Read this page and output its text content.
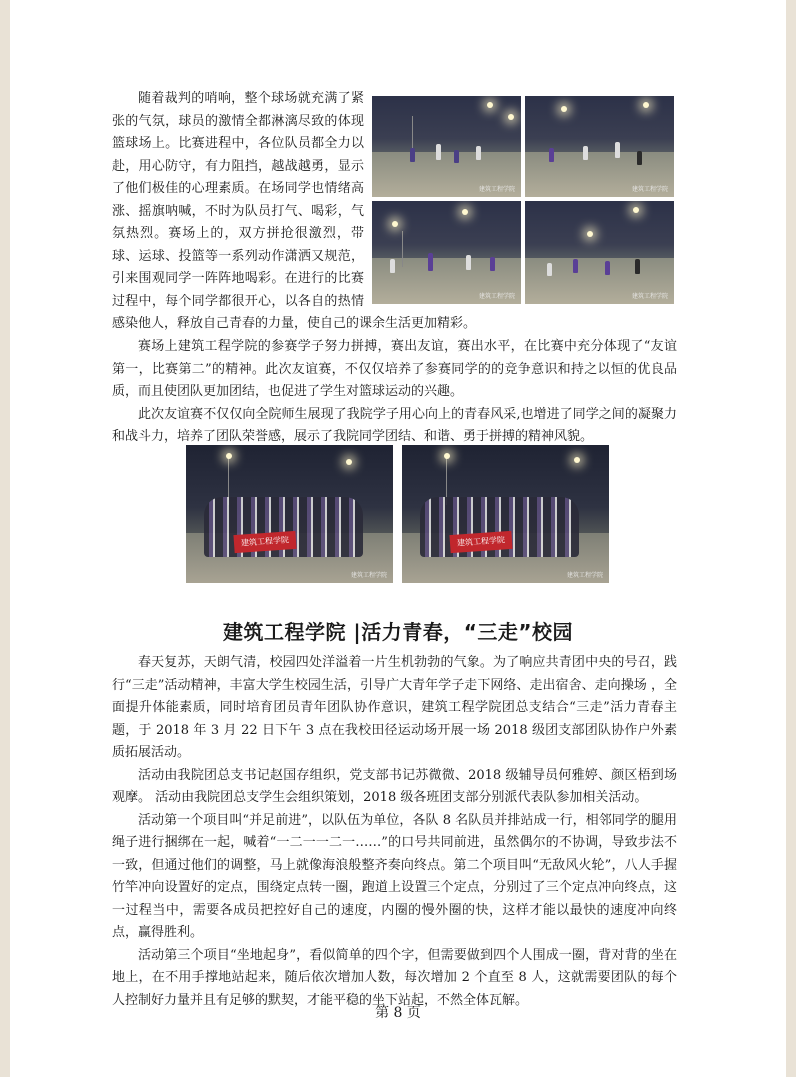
随着裁判的哨响，整个球场就充满了紧张的气氛，球员的激情全都淋漓尽致的体现篮球场上。比赛进程中，各位队员都全力以赴，用心防守，有力阻挡，越战越勇，显示了他们极佳的心理素质。在场同学也情绪高涨、摇旗呐喊，不时为队员打气、喝彩，气氛热烈。赛场上的，双方拼抢很激烈，带球、运球、投篮等一系列动作潇洒又规范，引来围观同学一阵阵地喝彩。在进行的比赛过程中，每个同学都很开心，以各自的热情感染他人，释放自己青春的力量，使自己的课余生活更加精彩。

建筑工程学院	建筑工程学院
建筑工程学院	建筑工程学院

赛场上建筑工程学院的参赛学子努力拼搏，赛出友谊，赛出水平，在比赛中充分体现了“友谊第一，比赛第二”的精神。此次友谊赛，不仅仅培养了参赛同学的的竞争意识和持之以恒的优良品质，而且使团队更加团结，也促进了学生对篮球运动的兴趣。

此次友谊赛不仅仅向全院师生展现了我院学子用心向上的青春风采,也增进了同学之间的凝聚力和战斗力，培养了团队荣誉感，展示了我院同学团结、和谐、勇于拼搏的精神风貌。

建筑工程学院
建筑工程学院
建筑工程学院
建筑工程学院
建筑工程学院 |活力青春，“三走”校园

春天复苏，天朗气清，校园四处洋溢着一片生机勃勃的气象。为了响应共青团中央的号召，践行“三走”活动精神，丰富大学生校园生活，引导广大青年学子走下网络、走出宿舍、走向操场 ，全面提升体能素质，同时培育团员青年团队协作意识，建筑工程学院团总支结合“三走”活力青春主题，于 2018 年 3 月 22 日下午 3 点在我校田径运动场开展一场 2018 级团支部团队协作户外素质拓展活动。

活动由我院团总支书记赵国存组织，党支部书记苏微微、2018 级辅导员何雅婷、颜区梧到场观摩。 活动由我院团总支学生会组织策划，2018 级各班团支部分别派代表队参加相关活动。

活动第一个项目叫“并足前进”，以队伍为单位，各队 8 名队员并排站成一行，相邻同学的腿用绳子进行捆绑在一起，喊着“一二一一二一……”的口号共同前进，虽然偶尔的不协调，导致步法不一致，但通过他们的调整，马上就像海浪般整齐奏向终点。第二个项目叫“无敌风火轮”，八人手握竹竿冲向设置好的定点，围绕定点转一圈，跑道上设置三个定点，分别过了三个定点冲向终点，这一过程当中，需要各成员把控好自己的速度，内圈的慢外圈的快，这样才能以最快的速度冲向终点，赢得胜利。

活动第三个项目“坐地起身”，看似简单的四个字，但需要做到四个人围成一圈，背对背的坐在地上，在不用手撑地站起来，随后依次增加人数，每次增加 2 个直至 8 人，这就需要团队的每个人控制好力量并且有足够的默契，才能平稳的坐下站起，不然全体瓦解。

第 8 页
